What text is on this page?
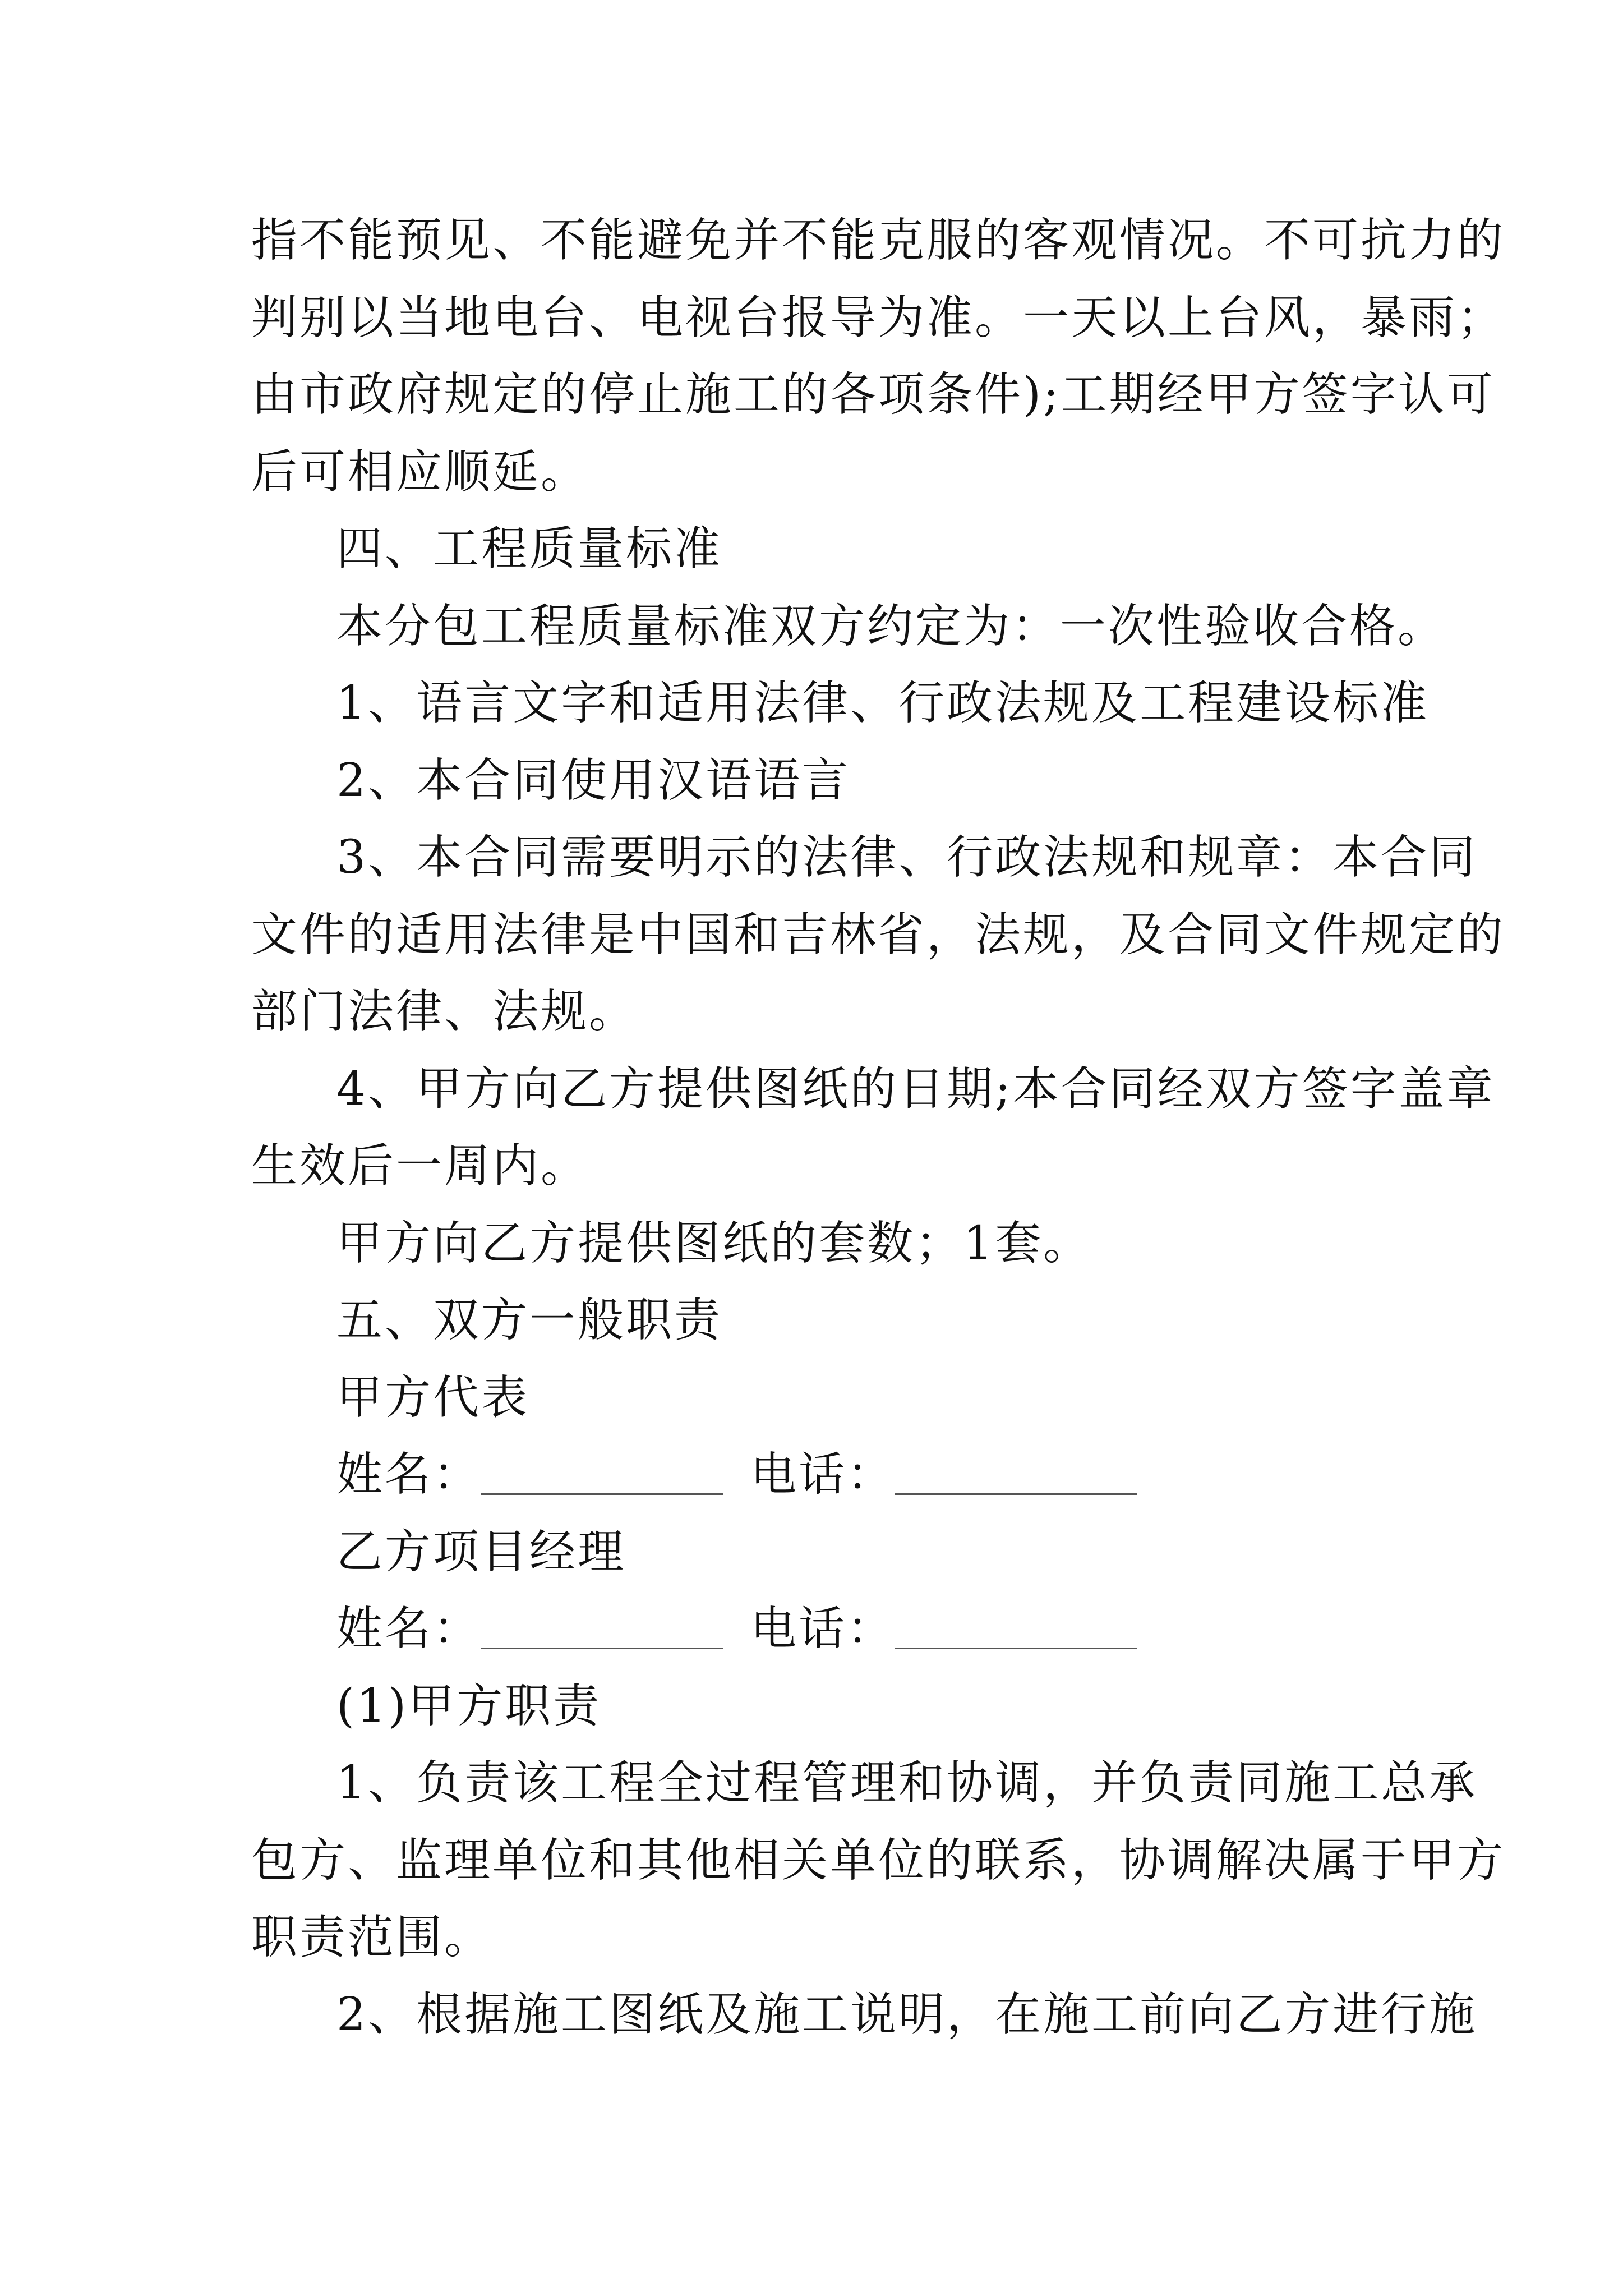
指不能预见、不能避免并不能克服的客观情况。不可抗力的
判别以当地电台、电视台报导为准。一天以上台风，暴雨；
由市政府规定的停止施工的各项条件);工期经甲方签字认可
后可相应顺延。
四、工程质量标准
本分包工程质量标准双方约定为：一次性验收合格。
1、语言文字和适用法律、行政法规及工程建设标准
2、本合同使用汉语语言
3、本合同需要明示的法律、行政法规和规章：本合同
文件的适用法律是中国和吉林省，法规，及合同文件规定的
部门法律、法规。
4、甲方向乙方提供图纸的日期;本合同经双方签字盖章
生效后一周内。
甲方向乙方提供图纸的套数；1套。
五、双方一般职责
甲方代表
姓名：	电话：
乙方项目经理
姓名：	电话：
(1)甲方职责
1、负责该工程全过程管理和协调，并负责同施工总承
包方、监理单位和其他相关单位的联系，协调解决属于甲方
职责范围。
2、根据施工图纸及施工说明，在施工前向乙方进行施
